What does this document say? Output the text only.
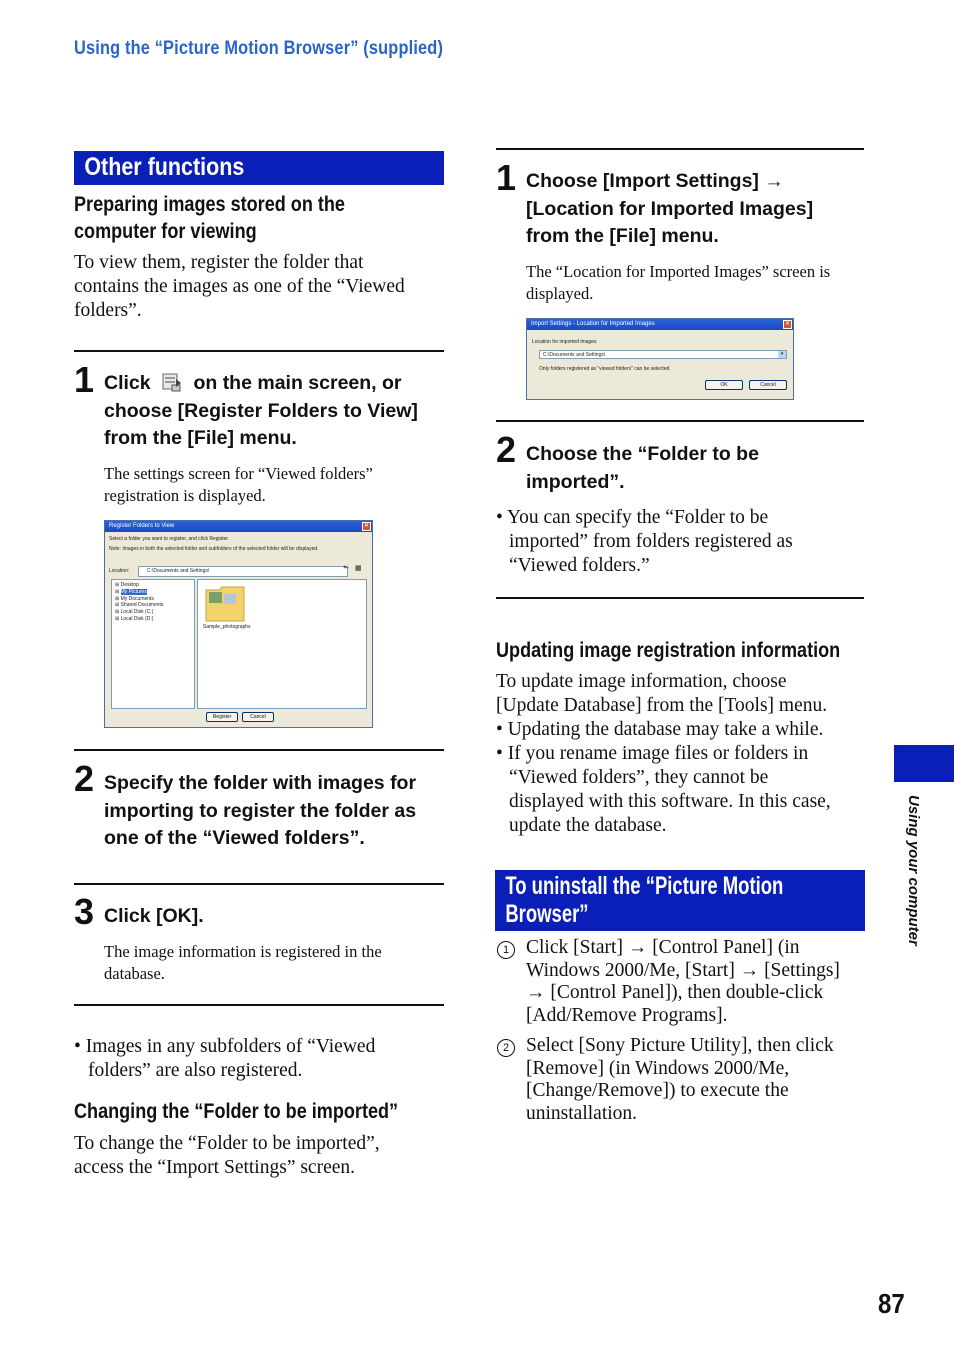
Using the “Picture Motion Browser” (supplied)
Other functions
Preparing images stored on the
computer for viewing
To view them, register the folder that
contains the images as one of the “Viewed
folders”.
1 Click on the main screen, or
choose [Register Folders to View]
from the [File] menu.
The settings screen for “Viewed folders”
registration is displayed.
Register Folders to View	✕
Select a folder you want to register, and click Register.
Note: Images in both the selected folder and subfolders of the selected folder will be displayed.
Location:	C:\Documents and Settings\	⬑ ▦
⊞ Desktop
⊞ My Pictures
⊞ My Documents
⊞ Shared Documents
⊞ Local Disk (C:)
⊞ Local Disk (D:)
Sample_photographs
Register	Cancel
2 Specify the folder with images for
importing to register the folder as
one of the “Viewed folders”.
3 Click [OK].
The image information is registered in the
database.
• Images in any subfolders of “Viewed
folders” are also registered.
Changing the “Folder to be imported”
To change the “Folder to be imported”,
access the “Import Settings” screen.
1 Choose [Import Settings] →
[Location for Imported Images]
from the [File] menu.
The “Location for Imported Images” screen is
displayed.
Import Settings - Location for Imported Images	✕
Location for imported images
C:\Documents and Settings\	▾
Only folders registered as "viewed folders" can be selected.
OK	Cancel
2 Choose the “Folder to be
imported”.
• You can specify the “Folder to be
imported” from folders registered as
“Viewed folders.”
Updating image registration information
To update image information, choose
[Update Database] from the [Tools] menu.
• Updating the database may take a while.
• If you rename image files or folders in
“Viewed folders”, they cannot be
displayed with this software. In this case,
update the database.
To uninstall the “Picture Motion
Browser”
1 Click [Start] → [Control Panel] (in
Windows 2000/Me, [Start] → [Settings]
→ [Control Panel]), then double-click
[Add/Remove Programs].
2 Select [Sony Picture Utility], then click
[Remove] (in Windows 2000/Me,
[Change/Remove]) to execute the
uninstallation.
Using your computer
87
